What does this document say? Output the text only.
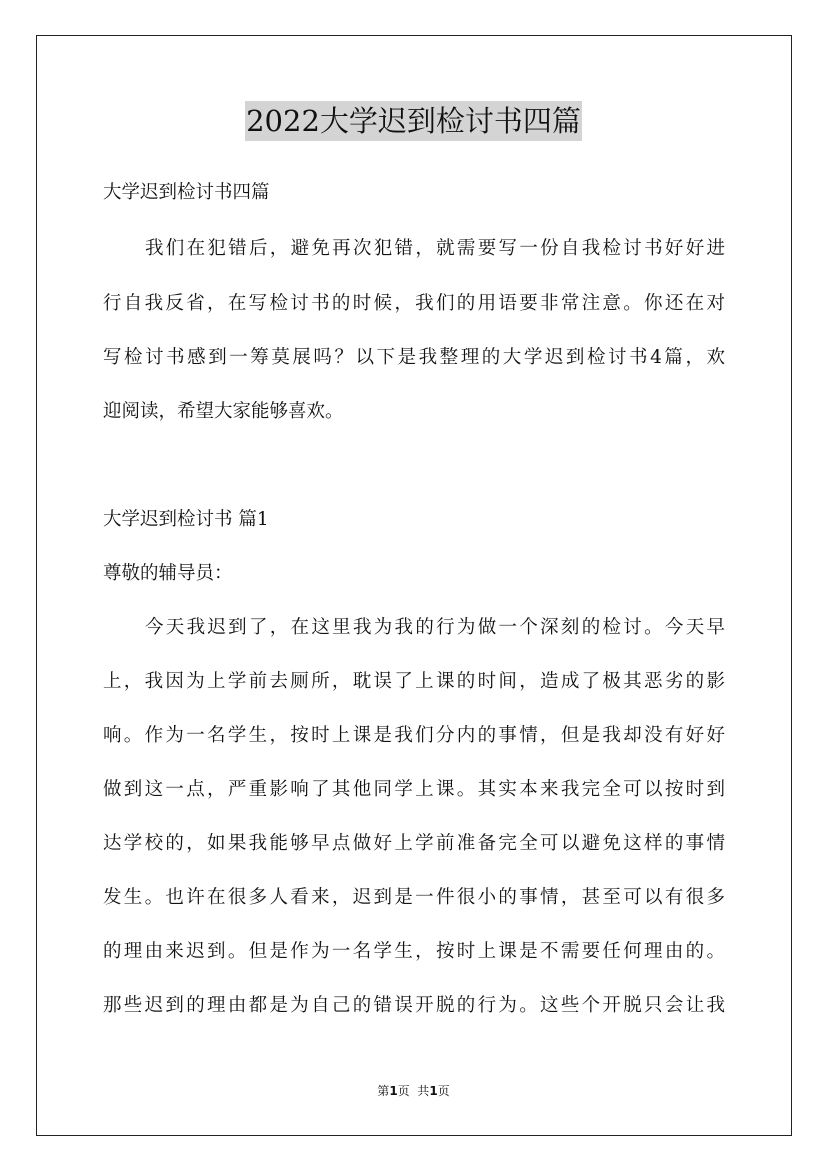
2022大学迟到检讨书四篇
大学迟到检讨书四篇
我们在犯错后，避免再次犯错，就需要写一份自我检讨书好好进
行自我反省，在写检讨书的时候，我们的用语要非常注意。你还在对
写检讨书感到一筹莫展吗？以下是我整理的大学迟到检讨书4篇，欢
迎阅读，希望大家能够喜欢。
大学迟到检讨书 篇1
尊敬的辅导员：
今天我迟到了，在这里我为我的行为做一个深刻的检讨。今天早
上，我因为上学前去厕所，耽误了上课的时间，造成了极其恶劣的影
响。作为一名学生，按时上课是我们分内的事情，但是我却没有好好
做到这一点，严重影响了其他同学上课。其实本来我完全可以按时到
达学校的，如果我能够早点做好上学前准备完全可以避免这样的事情
发生。也许在很多人看来，迟到是一件很小的事情，甚至可以有很多
的理由来迟到。但是作为一名学生，按时上课是不需要任何理由的。
那些迟到的理由都是为自己的错误开脱的行为。这些个开脱只会让我
第1页  共1页
